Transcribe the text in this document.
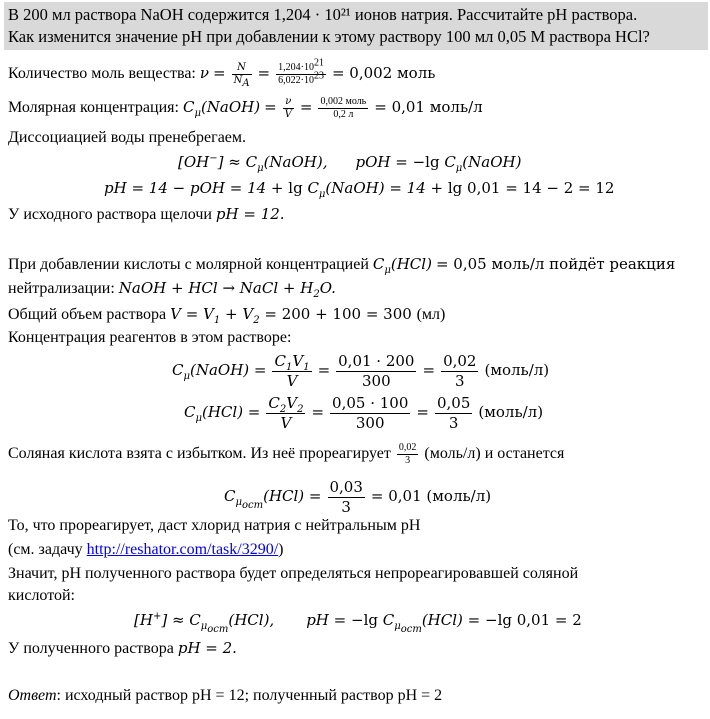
В 200 мл раствора NaOH содержится 1,204 · 10²¹ ионов натрия. Рассчитайте pH раствора.
Как изменится значение pH при добавлении к этому раствору 100 мл 0,05 М раствора HCl?
Количество моль вещества: $\nu = \frac{N}{N_A} = \frac{1,204\cdot 10^{21}}{6,022\cdot 10^{23}} = 0,002$ моль
Молярная концентрация: $C_\mu(NaOH) = \frac{\nu}{V} = \frac{\text{0,002 моль}}{0,2 л} = 0,01$ моль/л
Диссоциацией воды пренебрегаем.
$[OH^-] \approx C_\mu(NaOH)$, pOH = −lg $C_\mu(NaOH)$
pH = 14 − pOH = $14 + \lg C_\mu(NaOH) = 14 + \lg 0,01 = 14 - 2 = 12$
У исходного раствора щелочи pH = 12.
При добавлении кислоты с молярной концентрацией $C_\mu(HCl) = 0,05$ моль/л пойдёт реакция
нейтрализации: NaOH + HCl → NaCl + $H_2O$.
Общий объем раствора $V = V_1 + V_2 = 200 + 100 = 300$ (мл)
Концентрация реагентов в этом растворе:
$C_\mu(NaOH) = \frac{C_1V_1}{V} = \frac{0,01 \cdot 200}{300} = \frac{0,02}{3}$ (моль/л)
$C_\mu(HCl) = \frac{C_2V_2}{V} = \frac{0,05 \cdot 100}{300} = \frac{0,05}{3}$ (моль/л)
Соляная кислота взята с избытком. Из неё прореагирует $\frac{0,02}{3}$ (моль/л) и останется
$C_{\mu_{ост}}(HCl) = \frac{0,03}{3} = 0,01$ (моль/л)
То, что прореагирует, даст хлорид натрия с нейтральным pH
(см. задачу http://reshator.com/task/3290/)
Значит, pH полученного раствора будет определяться непрореагировавшей соляной
кислотой:
$[H^+] \approx C_{\mu_{ост}}(HCl)$, pH = −lg $C_{\mu_{ост}}(HCl) = -\lg$ 0,01 = 2
У полученного раствора pH = 2.
Ответ: исходный раствор pH = 12; полученный раствор pH = 2
